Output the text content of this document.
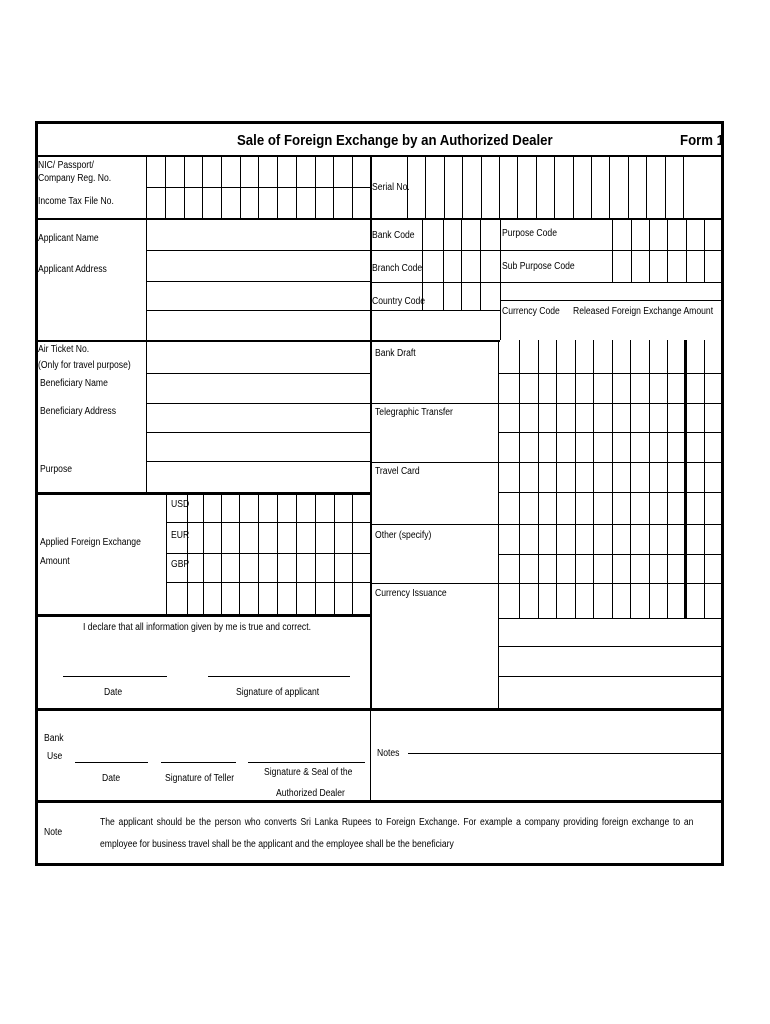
Sale of Foreign Exchange by an Authorized Dealer	Form 1
NIC/ Passport/
Company Reg. No.
Income Tax File No.
Applicant Name
Applicant Address
Air Ticket No.
(Only for travel purpose)
Beneficiary Name
Beneficiary Address
Purpose
Applied Foreign Exchange
Amount
USD
EUR
GBP
Serial No.
Bank Code	Purpose Code
Branch Code	Sub Purpose Code
Country Code
Currency Code Released Foreign Exchange Amount
Bank Draft
Telegraphic Transfer
Travel Card
Other (specify)
Currency Issuance
I declare that all information given by me is true and correct.
Date	Signature of applicant
Bank
Use
Date	Signature of Teller
Signature & Seal of the
Authorized Dealer
Notes
Note
The applicant should be the person who converts Sri Lanka Rupees to Foreign Exchange. For example a company providing foreign exchange to an employee for business travel shall be the applicant and the employee shall be the beneficiary
